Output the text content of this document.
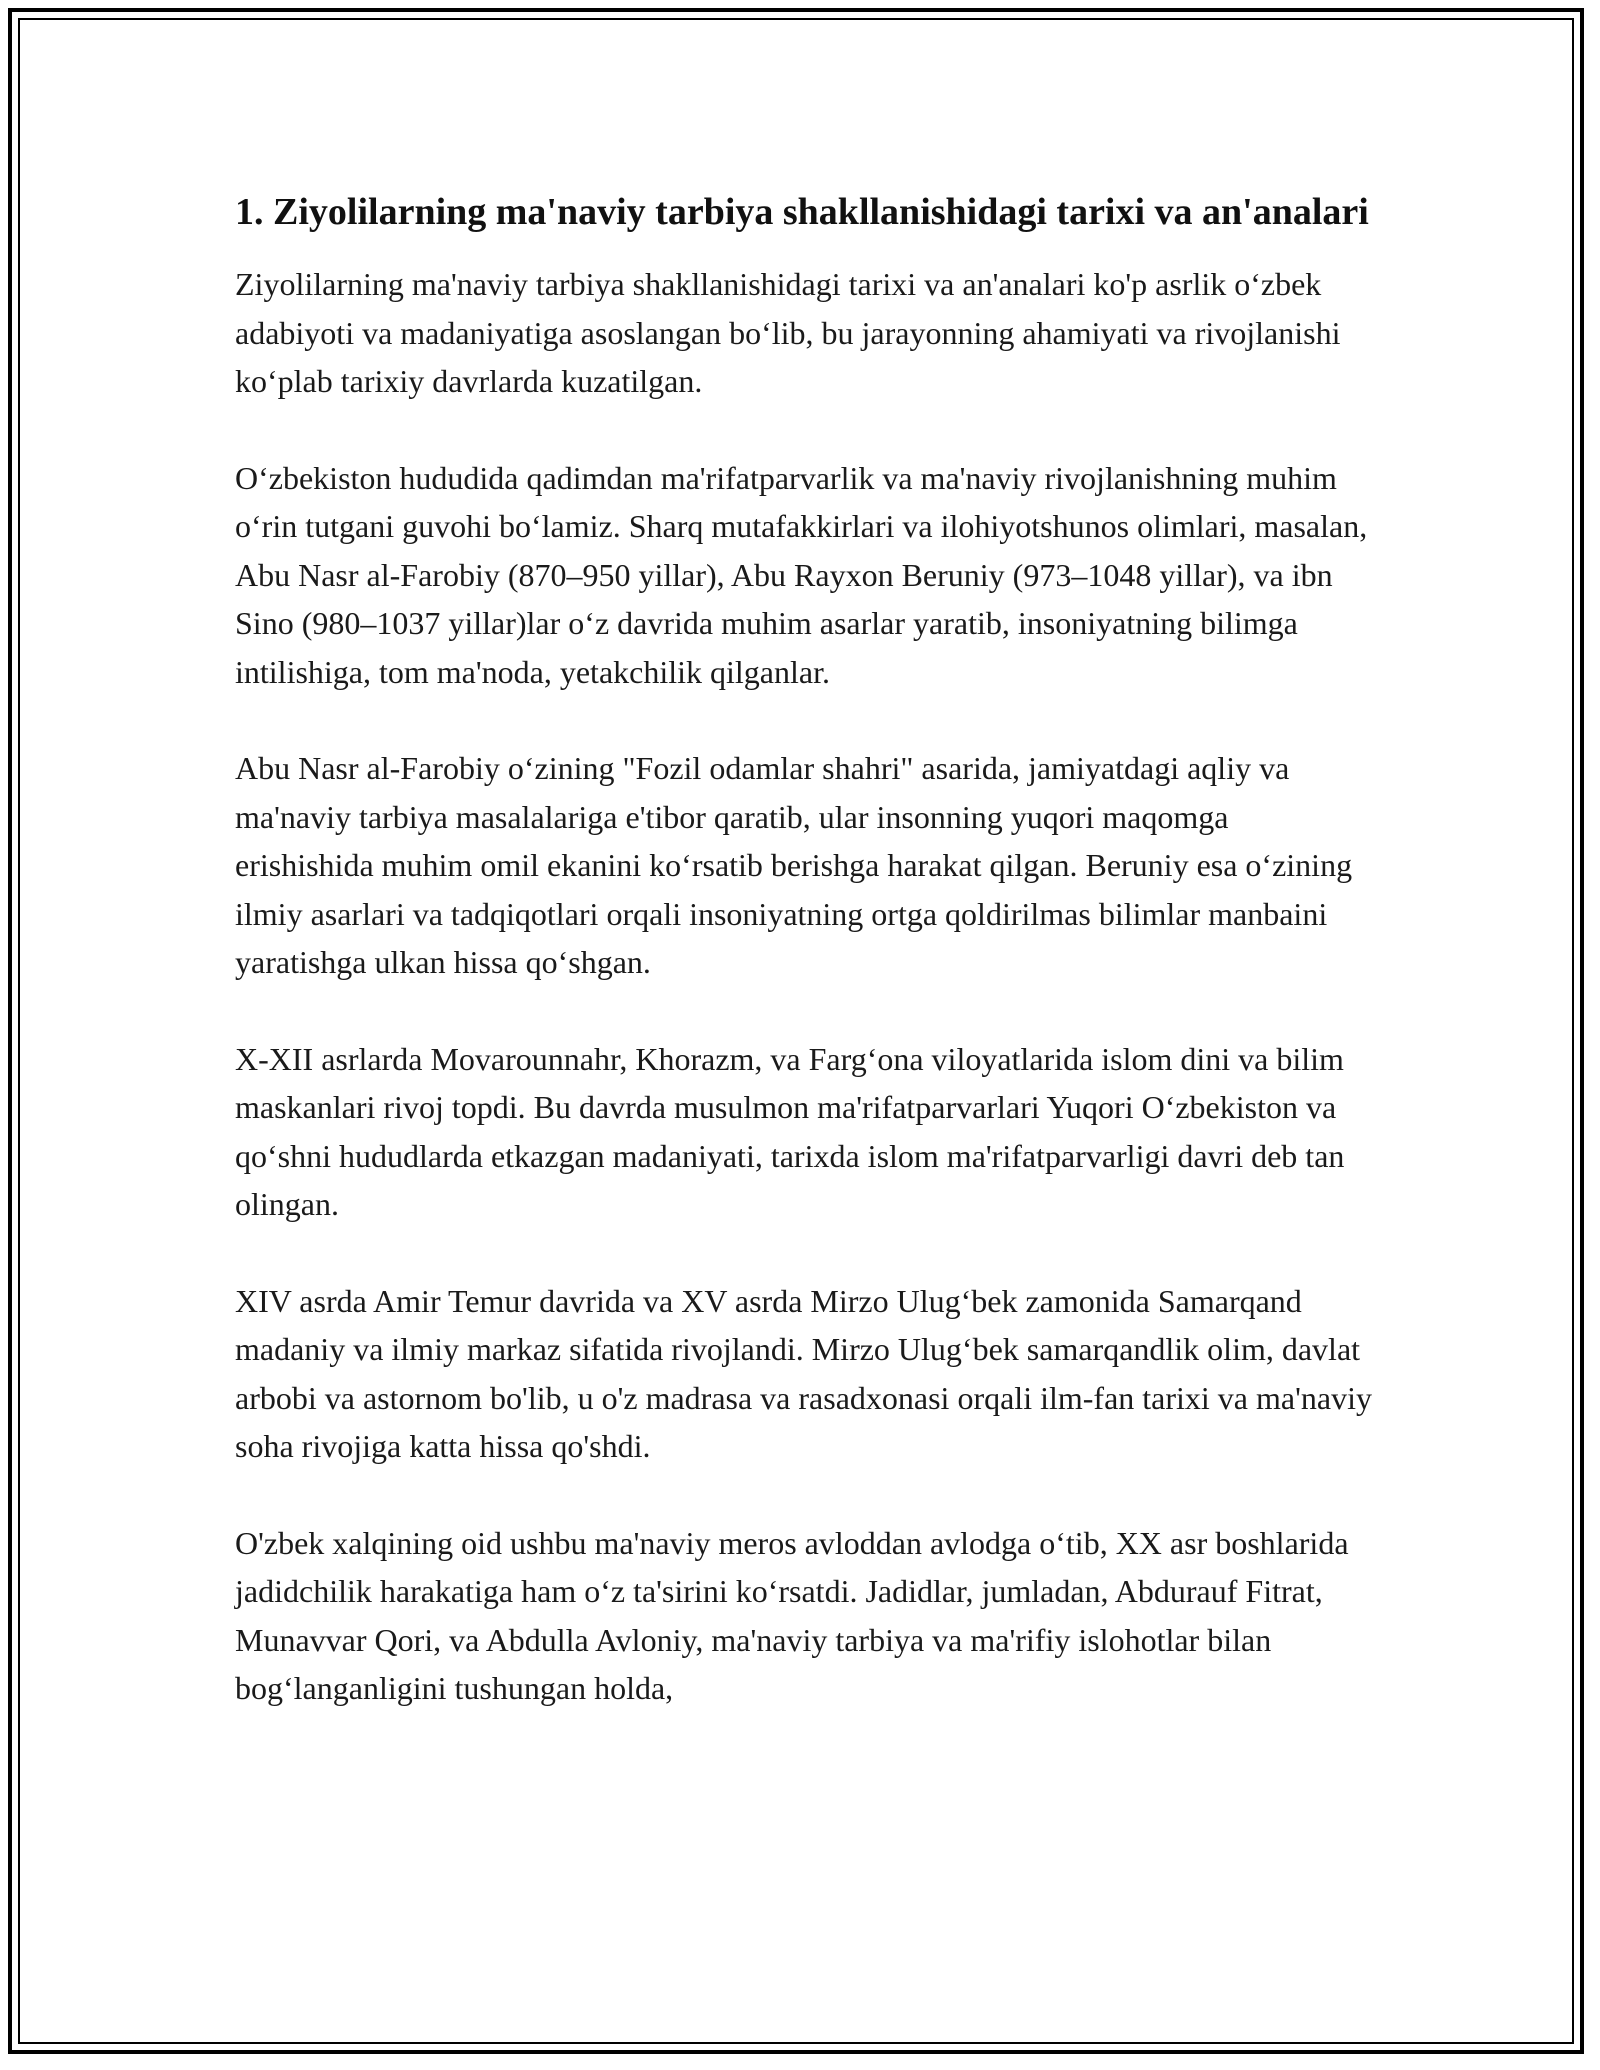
1. Ziyolilarning ma'naviy tarbiya shakllanishidagi tarixi va an'analari

Ziyolilarning ma'naviy tarbiya shakllanishidagi tarixi va an'analari ko'p asrlik o‘zbek adabiyoti va madaniyatiga asoslangan bo‘lib, bu jarayonning ahamiyati va rivojlanishi ko‘plab tarixiy davrlarda kuzatilgan.

O‘zbekiston hududida qadimdan ma'rifatparvarlik va ma'naviy rivojlanishning muhim o‘rin tutgani guvohi bo‘lamiz. Sharq mutafakkirlari va ilohiyotshunos olimlari, masalan, Abu Nasr al-Farobiy (870–950 yillar), Abu Rayxon Beruniy (973–1048 yillar), va ibn Sino (980–1037 yillar)lar o‘z davrida muhim asarlar yaratib, insoniyatning bilimga intilishiga, tom ma'noda, yetakchilik qilganlar.

Abu Nasr al-Farobiy o‘zining "Fozil odamlar shahri" asarida, jamiyatdagi aqliy va ma'naviy tarbiya masalalariga e'tibor qaratib, ular insonning yuqori maqomga erishishida muhim omil ekanini ko‘rsatib berishga harakat qilgan. Beruniy esa o‘zining ilmiy asarlari va tadqiqotlari orqali insoniyatning ortga qoldirilmas bilimlar manbaini yaratishga ulkan hissa qo‘shgan.

X-XII asrlarda Movarounnahr, Khorazm, va Farg‘ona viloyatlarida islom dini va bilim maskanlari rivoj topdi. Bu davrda musulmon ma'rifatparvarlari Yuqori O‘zbekiston va qo‘shni hududlarda etkazgan madaniyati, tarixda islom ma'rifatparvarligi davri deb tan olingan.

XIV asrda Amir Temur davrida va XV asrda Mirzo Ulug‘bek zamonida Samarqand madaniy va ilmiy markaz sifatida rivojlandi. Mirzo Ulug‘bek samarqandlik olim, davlat arbobi va astornom bo'lib, u o'z madrasa va rasadxonasi orqali ilm-fan tarixi va ma'naviy soha rivojiga katta hissa qo'shdi.

O'zbek xalqining oid ushbu ma'naviy meros avloddan avlodga o‘tib, XX asr boshlarida jadidchilik harakatiga ham o‘z ta'sirini ko‘rsatdi. Jadidlar, jumladan, Abdurauf Fitrat, Munavvar Qori, va Abdulla Avloniy, ma'naviy tarbiya va ma'rifiy islohotlar bilan bog‘langanligini tushungan holda,
